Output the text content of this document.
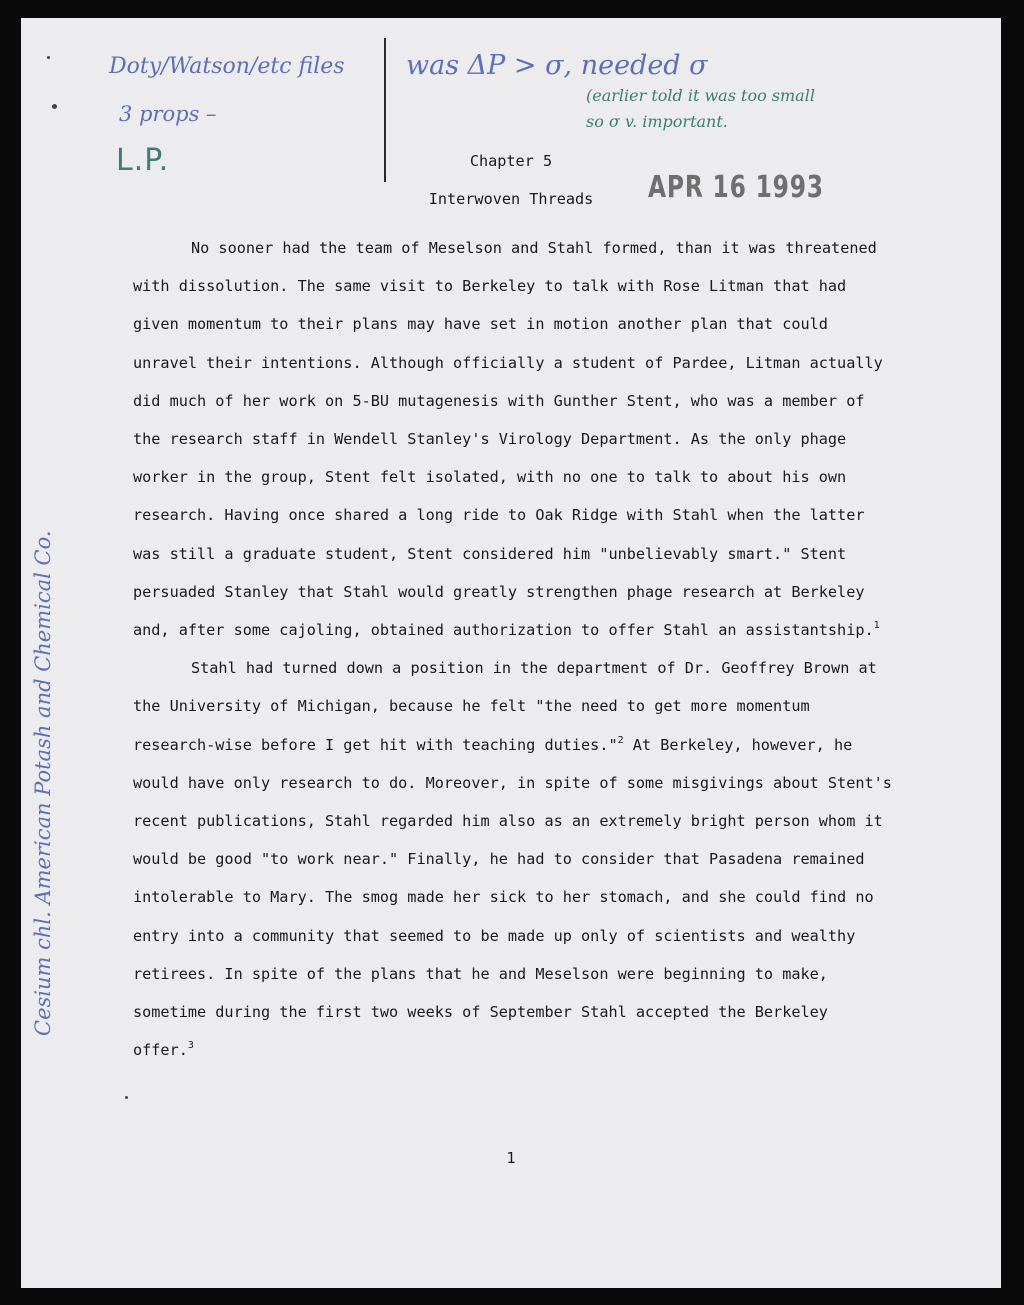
Doty/Watson/etc files
3 props –
L.P.
was ΔP > σ, needed σ
(earlier told it was too small
so σ v. important.
Cesium chl. American Potash and Chemical Co.
APR 16 1993
Chapter 5
Interwoven Threads

No sooner had the team of Meselson and Stahl formed, than it was threatened with dissolution. The same visit to Berkeley to talk with Rose Litman that had given momentum to their plans may have set in motion another plan that could unravel their intentions. Although officially a student of Pardee, Litman actually did much of her work on 5-BU mutagenesis with Gunther Stent, who was a member of the research staff in Wendell Stanley's Virology Department. As the only phage worker in the group, Stent felt isolated, with no one to talk to about his own research. Having once shared a long ride to Oak Ridge with Stahl when the latter was still a graduate student, Stent considered him "unbelievably smart." Stent persuaded Stanley that Stahl would greatly strengthen phage research at Berkeley and, after some cajoling, obtained authorization to offer Stahl an assistantship.$^1$

Stahl had turned down a position in the department of Dr. Geoffrey Brown at the University of Michigan, because he felt "the need to get more momentum research-wise before I get hit with teaching duties."$^2$ At Berkeley, however, he would have only research to do. Moreover, in spite of some misgivings about Stent's recent publications, Stahl regarded him also as an extremely bright person whom it would be good "to work near." Finally, he had to consider that Pasadena remained intolerable to Mary. The smog made her sick to her stomach, and she could find no entry into a community that seemed to be made up only of scientists and wealthy retirees. In spite of the plans that he and Meselson were beginning to make, sometime during the first two weeks of September Stahl accepted the Berkeley offer.$^3$

1
